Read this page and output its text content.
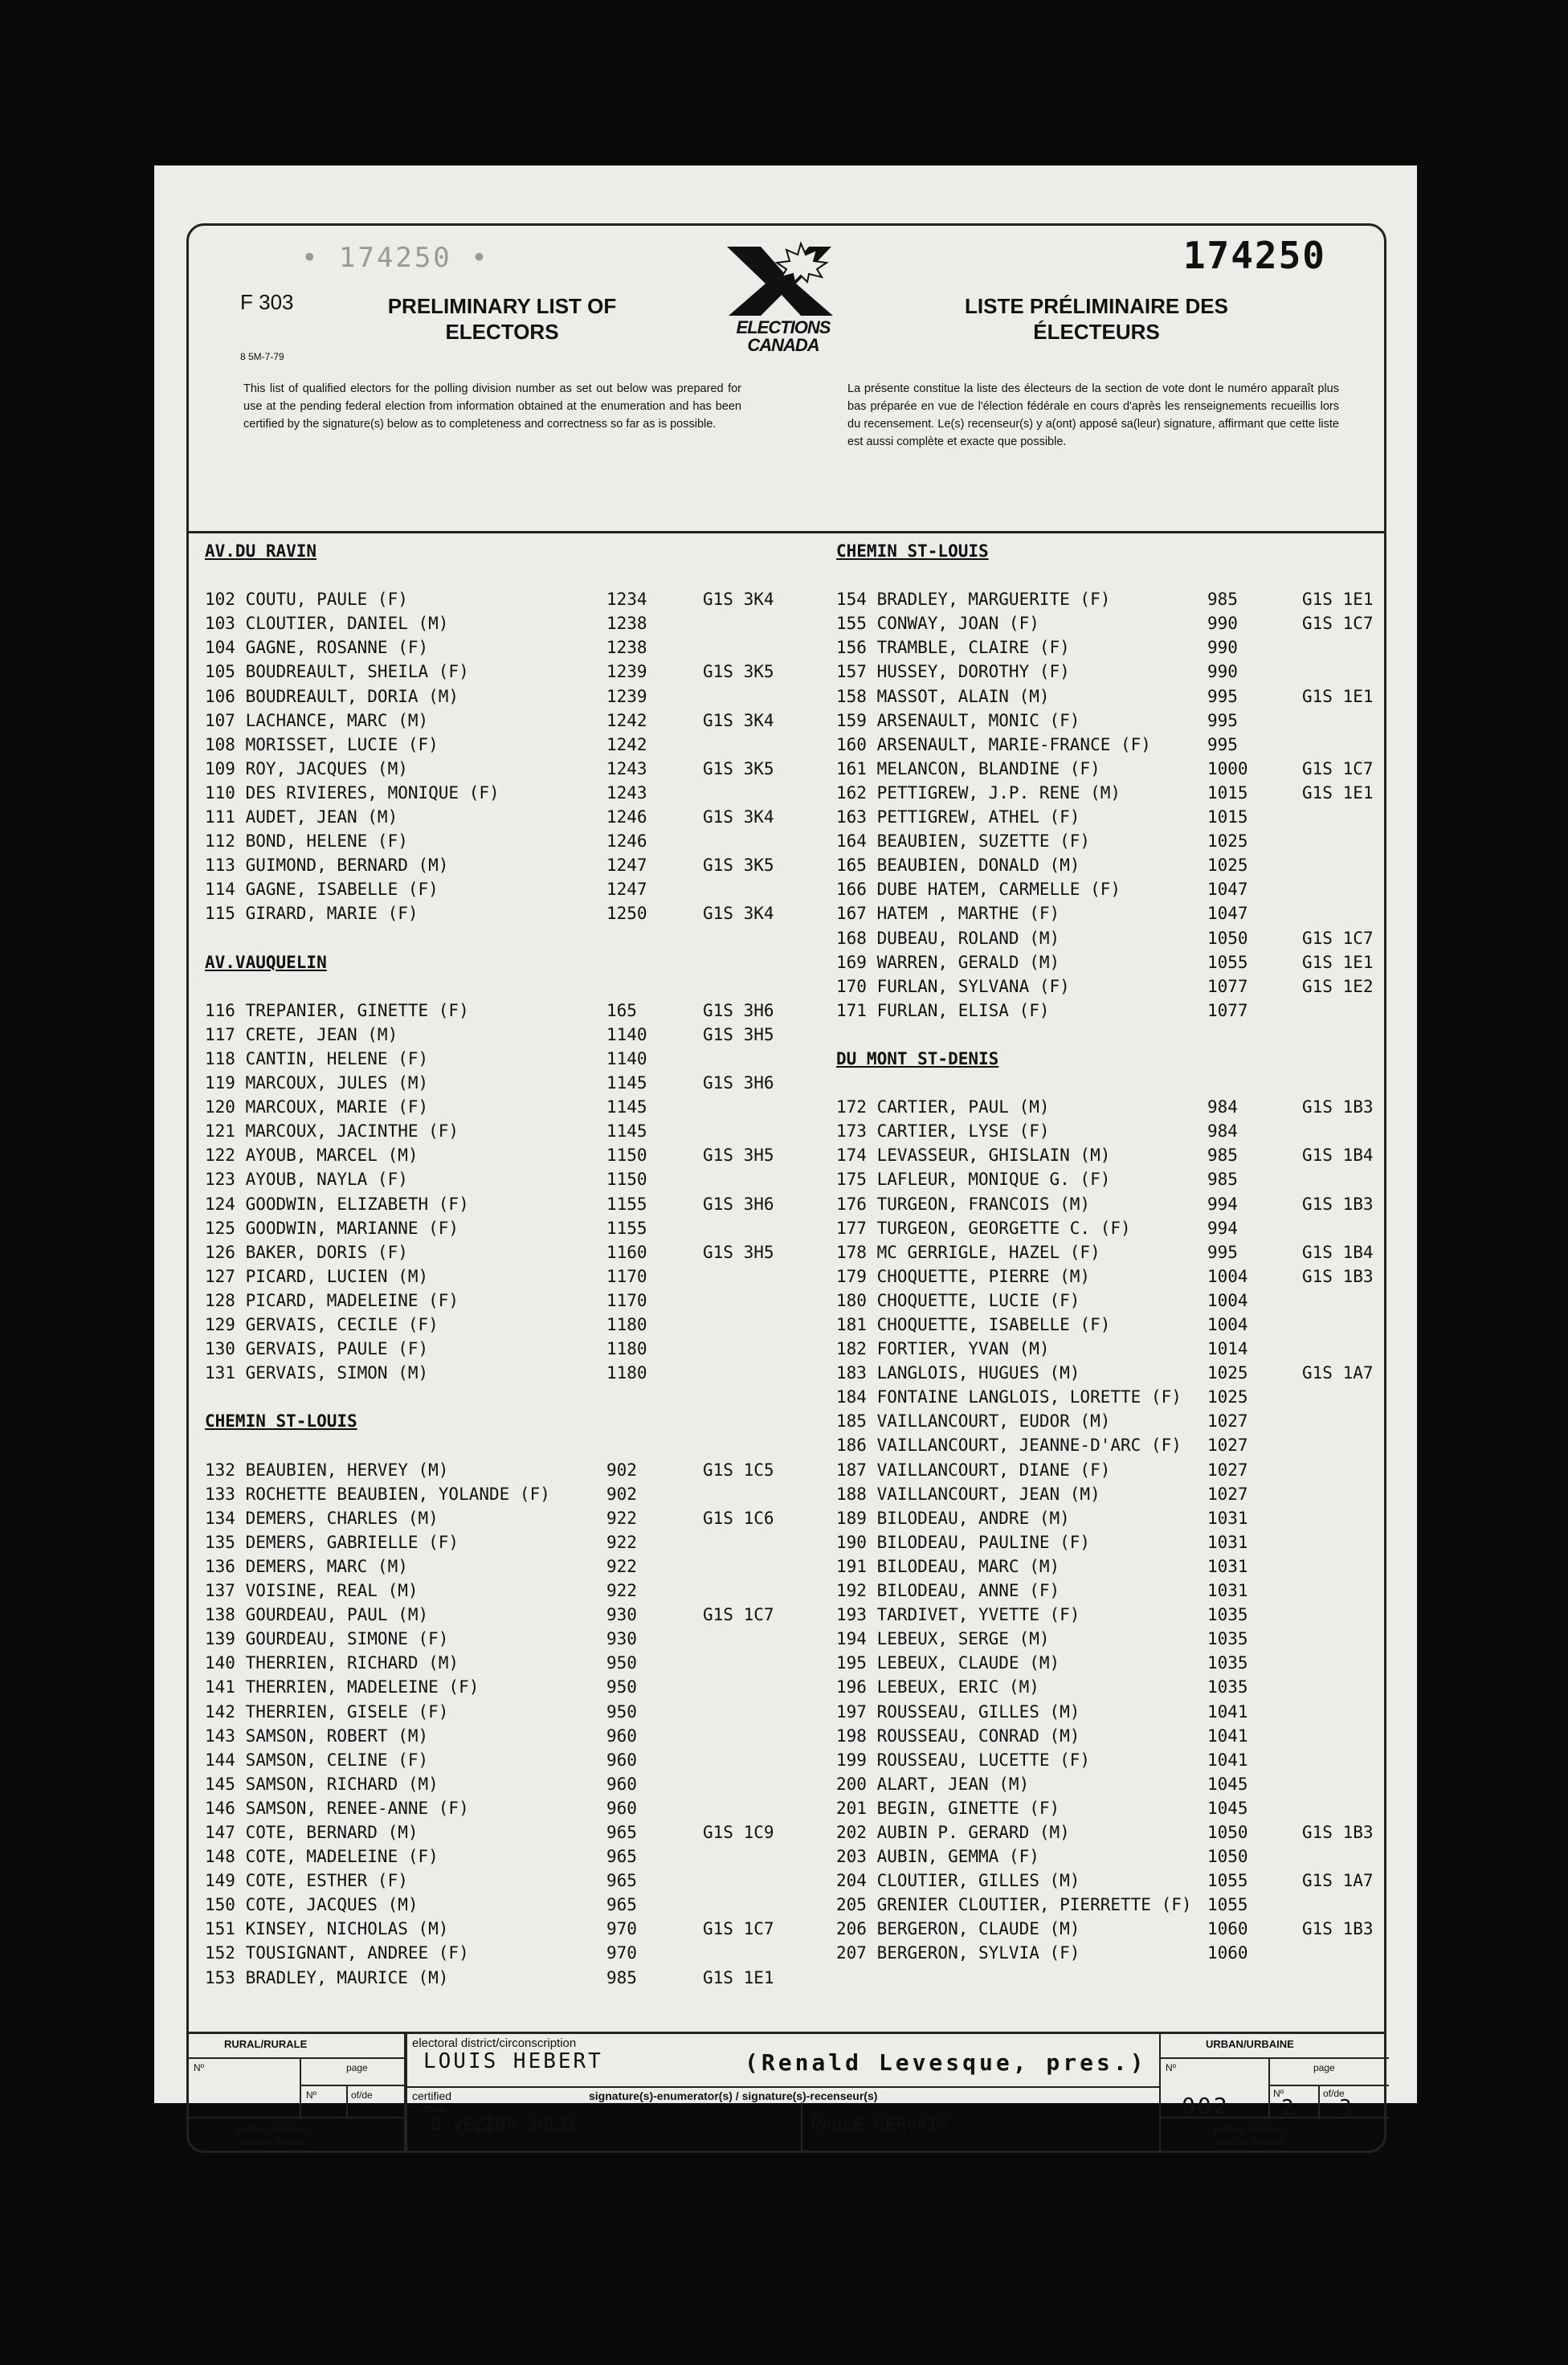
• 174250 •	174250
F 303
8 5M-7-79
PRELIMINARY LIST OF
ELECTORS	ELECTIONS
CANADA
LISTE PRÉLIMINAIRE DES
ÉLECTEURS
This list of qualified electors for the polling division number as set out below was prepared for use at the pending federal election from information obtained at the enumeration and has been certified by the signature(s) below as to completeness and correctness so far as is possible.
La présente constitue la liste des électeurs de la section de vote dont le numéro apparaît plus bas préparée en vue de l'élection fédérale en cours d'après les renseignements recueillis lors du recensement. Le(s) recenseur(s) y a(ont) apposé sa(leur) signature, affirmant que cette liste est aussi complète et exacte que possible.
AV.DU RAVIN
102 COUTU, PAULE (F)	1234	G1S 3K4
103 CLOUTIER, DANIEL (M)	1238
104 GAGNE, ROSANNE (F)	1238
105 BOUDREAULT, SHEILA (F)	1239	G1S 3K5
106 BOUDREAULT, DORIA (M)	1239
107 LACHANCE, MARC (M)	1242	G1S 3K4
108 MORISSET, LUCIE (F)	1242
109 ROY, JACQUES (M)	1243	G1S 3K5
110 DES RIVIERES, MONIQUE (F)	1243
111 AUDET, JEAN (M)	1246	G1S 3K4
112 BOND, HELENE (F)	1246
113 GUIMOND, BERNARD (M)	1247	G1S 3K5
114 GAGNE, ISABELLE (F)	1247
115 GIRARD, MARIE (F)	1250	G1S 3K4
AV.VAUQUELIN
116 TREPANIER, GINETTE (F)	165	G1S 3H6
117 CRETE, JEAN (M)	1140	G1S 3H5
118 CANTIN, HELENE (F)	1140
119 MARCOUX, JULES (M)	1145	G1S 3H6
120 MARCOUX, MARIE (F)	1145
121 MARCOUX, JACINTHE (F)	1145
122 AYOUB, MARCEL (M)	1150	G1S 3H5
123 AYOUB, NAYLA (F)	1150
124 GOODWIN, ELIZABETH (F)	1155	G1S 3H6
125 GOODWIN, MARIANNE (F)	1155
126 BAKER, DORIS (F)	1160	G1S 3H5
127 PICARD, LUCIEN (M)	1170
128 PICARD, MADELEINE (F)	1170
129 GERVAIS, CECILE (F)	1180
130 GERVAIS, PAULE (F)	1180
131 GERVAIS, SIMON (M)	1180
CHEMIN ST-LOUIS
132 BEAUBIEN, HERVEY (M)	902	G1S 1C5
133 ROCHETTE BEAUBIEN, YOLANDE (F)	902
134 DEMERS, CHARLES (M)	922	G1S 1C6
135 DEMERS, GABRIELLE (F)	922
136 DEMERS, MARC (M)	922
137 VOISINE, REAL (M)	922
138 GOURDEAU, PAUL (M)	930	G1S 1C7
139 GOURDEAU, SIMONE (F)	930
140 THERRIEN, RICHARD (M)	950
141 THERRIEN, MADELEINE (F)	950
142 THERRIEN, GISELE (F)	950
143 SAMSON, ROBERT (M)	960
144 SAMSON, CELINE (F)	960
145 SAMSON, RICHARD (M)	960
146 SAMSON, RENEE-ANNE (F)	960
147 COTE, BERNARD (M)	965	G1S 1C9
148 COTE, MADELEINE (F)	965
149 COTE, ESTHER (F)	965
150 COTE, JACQUES (M)	965
151 KINSEY, NICHOLAS (M)	970	G1S 1C7
152 TOUSIGNANT, ANDREE (F)	970
153 BRADLEY, MAURICE (M)	985	G1S 1E1
CHEMIN ST-LOUIS
154 BRADLEY, MARGUERITE (F)	985	G1S 1E1
155 CONWAY, JOAN (F)	990	G1S 1C7
156 TRAMBLE, CLAIRE (F)	990
157 HUSSEY, DOROTHY (F)	990
158 MASSOT, ALAIN (M)	995	G1S 1E1
159 ARSENAULT, MONIC (F)	995
160 ARSENAULT, MARIE-FRANCE (F)	995
161 MELANCON, BLANDINE (F)	1000	G1S 1C7
162 PETTIGREW, J.P. RENE (M)	1015	G1S 1E1
163 PETTIGREW, ATHEL (F)	1015
164 BEAUBIEN, SUZETTE (F)	1025
165 BEAUBIEN, DONALD (M)	1025
166 DUBE HATEM, CARMELLE (F)	1047
167 HATEM , MARTHE (F)	1047
168 DUBEAU, ROLAND (M)	1050	G1S 1C7
169 WARREN, GERALD (M)	1055	G1S 1E1
170 FURLAN, SYLVANA (F)	1077	G1S 1E2
171 FURLAN, ELISA (F)	1077
DU MONT ST-DENIS
172 CARTIER, PAUL (M)	984	G1S 1B3
173 CARTIER, LYSE (F)	984
174 LEVASSEUR, GHISLAIN (M)	985	G1S 1B4
175 LAFLEUR, MONIQUE G. (F)	985
176 TURGEON, FRANCOIS (M)	994	G1S 1B3
177 TURGEON, GEORGETTE C. (F)	994
178 MC GERRIGLE, HAZEL (F)	995	G1S 1B4
179 CHOQUETTE, PIERRE (M)	1004	G1S 1B3
180 CHOQUETTE, LUCIE (F)	1004
181 CHOQUETTE, ISABELLE (F)	1004
182 FORTIER, YVAN (M)	1014
183 LANGLOIS, HUGUES (M)	1025	G1S 1A7
184 FONTAINE LANGLOIS, LORETTE (F) 1025
185 VAILLANCOURT, EUDOR (M)	1027
186 VAILLANCOURT, JEANNE-D'ARC (F) 1027
187 VAILLANCOURT, DIANE (F)	1027
188 VAILLANCOURT, JEAN (M)	1027
189 BILODEAU, ANDRE (M)	1031
190 BILODEAU, PAULINE (F)	1031
191 BILODEAU, MARC (M)	1031
192 BILODEAU, ANNE (F)	1031
193 TARDIVET, YVETTE (F)	1035
194 LEBEUX, SERGE (M)	1035
195 LEBEUX, CLAUDE (M)	1035
196 LEBEUX, ERIC (M)	1035
197 ROUSSEAU, GILLES (M)	1041
198 ROUSSEAU, CONRAD (M)	1041
199 ROUSSEAU, LUCETTE (F)	1041
200 ALART, JEAN (M)	1045
201 BEGIN, GINETTE (F)	1045
202 AUBIN P. GERARD (M)	1050	G1S 1B3
203 AUBIN, GEMMA (F)	1050
204 CLOUTIER, GILLES (M)	1055	G1S 1A7
205 GRENIER CLOUTIER, PIERRETTE (F) 1055
206 BERGERON, CLAUDE (M)	1060	G1S 1B3
207 BERGERON, SYLVIA (F)	1060
RURAL/RURALE
Nº	page
Nº	of/de
polling division
section de vote
electoral district/circonscription
LOUIS HEBERT	(Renald Levesque, pres.)
certified
certifié
signature(s)-enumerator(s) / signature(s)-recenseur(s)
0 VEZINA JULIE	PAULE GERVAIS
URBAN/URBAINE
Nº	page
Nº	of/de
002 2 3
polling division
section de vote
